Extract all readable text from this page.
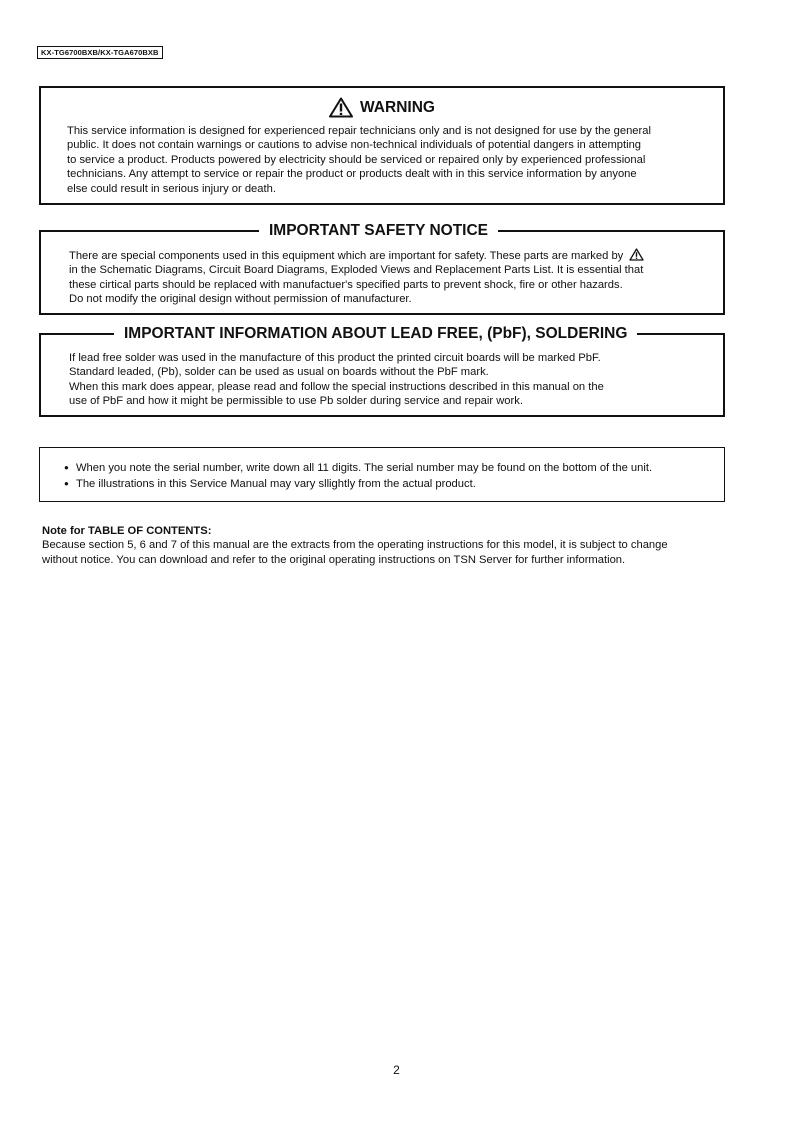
KX-TG6700BXB/KX-TGA670BXB
WARNING

This service information is designed for experienced repair technicians only and is not designed for use by the general

public. It does not contain warnings or cautions to advise non-technical individuals of potential dangers in attempting

to service a product. Products powered by electricity should be serviced or repaired only by experienced professional

technicians. Any attempt to service or repair the product or products dealt with in this service information by anyone

else could result in serious injury or death.

IMPORTANT SAFETY NOTICE

There are special components used in this equipment which are important for safety. These parts are marked by

in the Schematic Diagrams, Circuit Board Diagrams, Exploded Views and Replacement Parts List. It is essential that

these cirtical parts should be replaced with manufactuer's specified parts to prevent shock, fire or other hazards.

Do not modify the original design without permission of manufacturer.

IMPORTANT INFORMATION ABOUT LEAD FREE, (PbF), SOLDERING

If lead free solder was used in the manufacture of this product the printed circuit boards will be marked PbF.

Standard leaded, (Pb), solder can be used as usual on boards without the PbF mark.

When this mark does appear, please read and follow the special instructions described in this manual on the

use of PbF and how it might be permissible to use Pb solder during service and repair work.

● When you note the serial number, write down all 11 digits. The serial number may be found on the bottom of the unit.
● The illustrations in this Service Manual may vary sllightly from the actual product.
Note for TABLE OF CONTENTS:
Because section 5, 6 and 7 of this manual are the extracts from the operating instructions for this model, it is subject to change
without notice. You can download and refer to the original operating instructions on TSN Server for further information.
2
